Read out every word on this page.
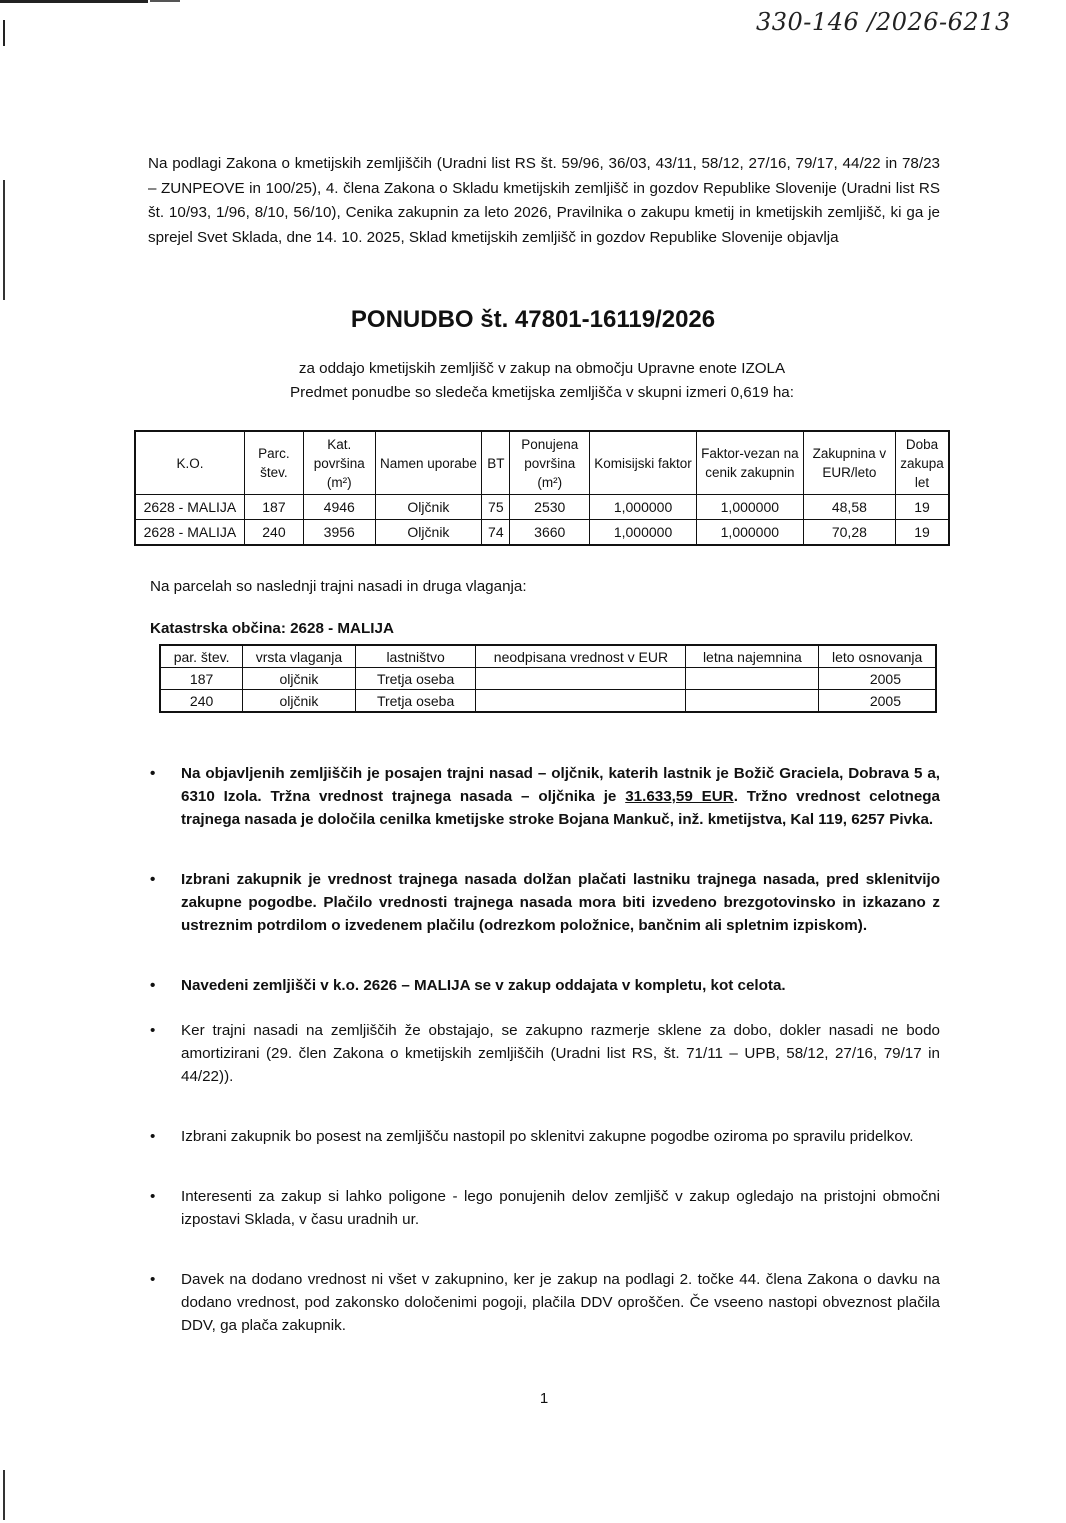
330-146 /2026-6213
Na podlagi Zakona o kmetijskih zemljiščih (Uradni list RS št. 59/96, 36/03, 43/11, 58/12, 27/16, 79/17, 44/22 in 78/23 – ZUNPEOVE in 100/25), 4. člena Zakona o Skladu kmetijskih zemljišč in gozdov Republike Slovenije (Uradni list RS št. 10/93, 1/96, 8/10, 56/10), Cenika zakupnin za leto 2026, Pravilnika o zakupu kmetij in kmetijskih zemljišč, ki ga je sprejel Svet Sklada, dne 14. 10. 2025, Sklad kmetijskih zemljišč in gozdov Republike Slovenije objavlja
PONUDBO št. 47801-16119/2026
za oddajo kmetijskih zemljišč v zakup na območju Upravne enote IZOLA
Predmet ponudbe so sledeča kmetijska zemljišča v skupni izmeri 0,619 ha:
K.O.	Parc. štev.	Kat. površina (m²)	Namen uporabe	BT	Ponujena površina (m²)	Komisijski faktor	Faktor-vezan na cenik zakupnin	Zakupnina v EUR/leto	Doba zakupa let
2628 - MALIJA	187	4946	Oljčnik	75	2530	1,000000	1,000000	48,58	19
2628 - MALIJA	240	3956	Oljčnik	74	3660	1,000000	1,000000	70,28	19
Na parcelah so naslednji trajni nasadi in druga vlaganja:
Katastrska občina: 2628 - MALIJA
par. štev.	vrsta vlaganja	lastništvo	neodpisana vrednost v EUR	letna najemnina	leto osnovanja
187	oljčnik	Tretja oseba			2005
240	oljčnik	Tretja oseba			2005
• Na objavljenih zemljiščih je posajen trajni nasad – oljčnik, katerih lastnik je Božič Graciela, Dobrava 5 a, 6310 Izola. Tržna vrednost trajnega nasada – oljčnika je 31.633,59 EUR. Tržno vrednost celotnega trajnega nasada je določila cenilka kmetijske stroke Bojana Mankuč, inž. kmetijstva, Kal 119, 6257 Pivka.
• Izbrani zakupnik je vrednost trajnega nasada dolžan plačati lastniku trajnega nasada, pred sklenitvijo zakupne pogodbe. Plačilo vrednosti trajnega nasada mora biti izvedeno brezgotovinsko in izkazano z ustreznim potrdilom o izvedenem plačilu (odrezkom položnice, bančnim ali spletnim izpiskom).
• Navedeni zemljišči v k.o. 2626 – MALIJA se v zakup oddajata v kompletu, kot celota.
• Ker trajni nasadi na zemljiščih že obstajajo, se zakupno razmerje sklene za dobo, dokler nasadi ne bodo amortizirani (29. člen Zakona o kmetijskih zemljiščih (Uradni list RS, št. 71/11 – UPB, 58/12, 27/16, 79/17 in 44/22)).
• Izbrani zakupnik bo posest na zemljišču nastopil po sklenitvi zakupne pogodbe oziroma po spravilu pridelkov.
• Interesenti za zakup si lahko poligone - lego ponujenih delov zemljišč v zakup ogledajo na pristojni območni izpostavi Sklada, v času uradnih ur.
• Davek na dodano vrednost ni všet v zakupnino, ker je zakup na podlagi 2. točke 44. člena Zakona o davku na dodano vrednost, pod zakonsko določenimi pogoji, plačila DDV oproščen. Če vseeno nastopi obveznost plačila DDV, ga plača zakupnik.
1
